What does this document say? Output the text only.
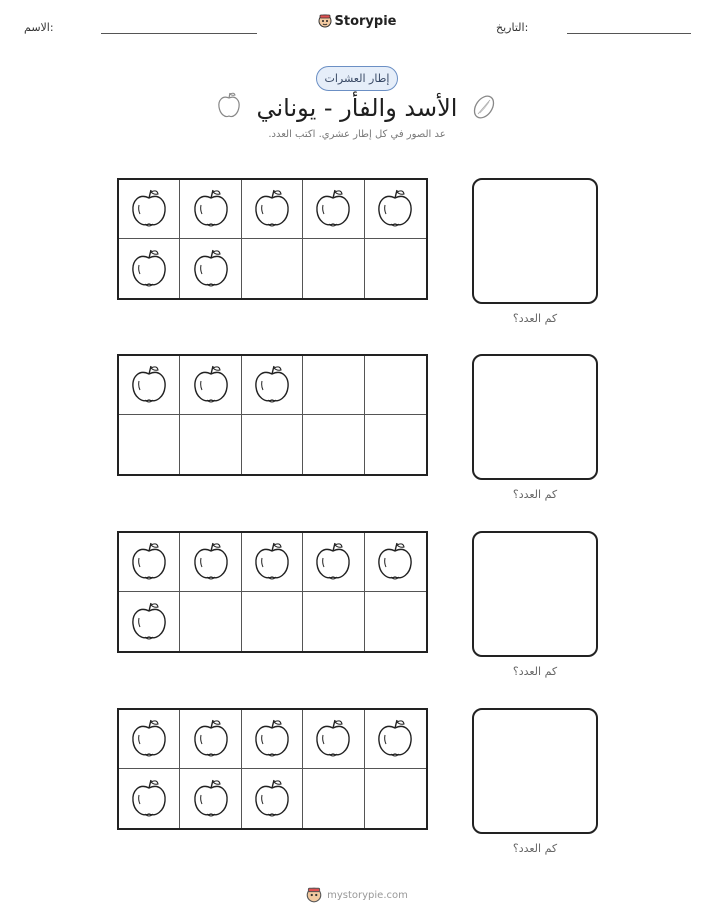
الاسم:	Storypie	التاريخ:
إطار العشرات
الأسد والفأر - يوناني
عد الصور في كل إطار عشري. اكتب العدد.
كم العدد؟
كم العدد؟
كم العدد؟
كم العدد؟
mystorypie.com
